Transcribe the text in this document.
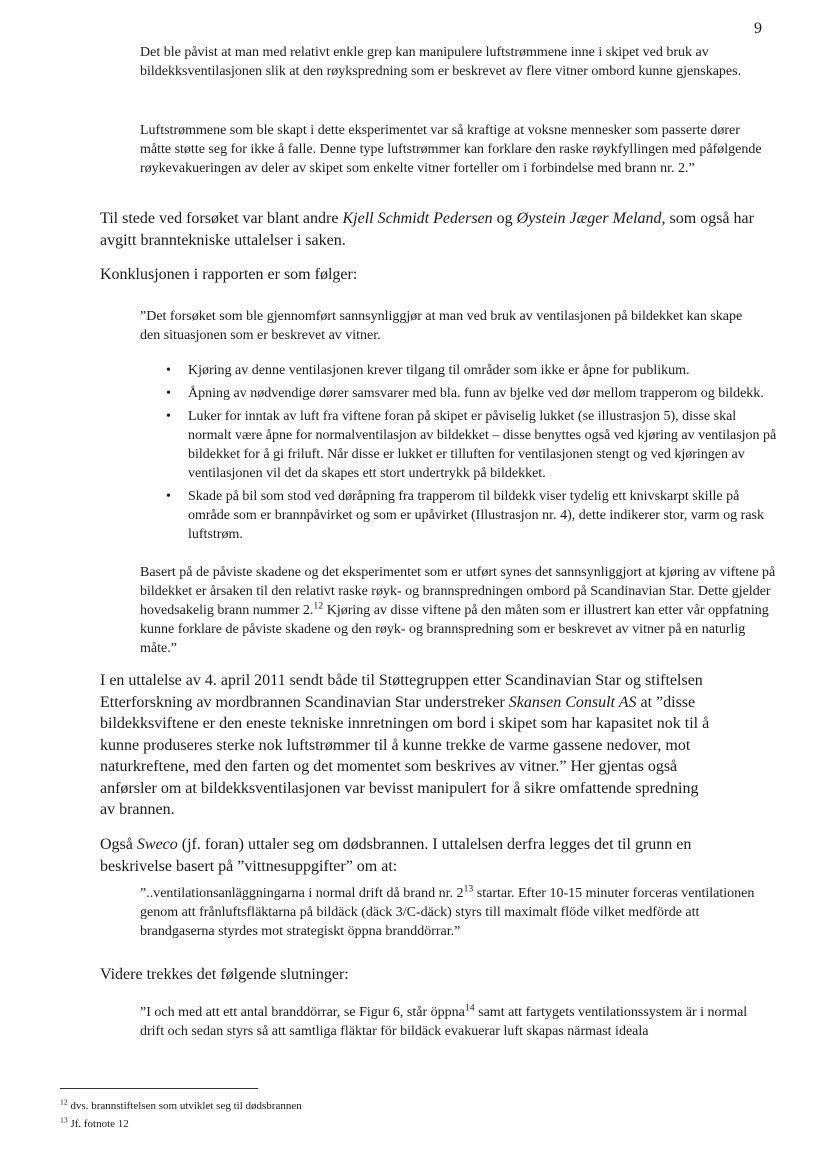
9

Det ble påvist at man med relativt enkle grep kan manipulere luftstrømmene inne i skipet ved bruk av bildekksventilasjonen slik at den røykspredning som er beskrevet av flere vitner ombord kunne gjenskapes.

Luftstrømmene som ble skapt i dette eksperimentet var så kraftige at voksne mennesker som passerte dører måtte støtte seg for ikke å falle. Denne type luftstrømmer kan forklare den raske røykfyllingen med påfølgende røykevakueringen av deler av skipet som enkelte vitner forteller om i forbindelse med brann nr. 2.”

Til stede ved forsøket var blant andre Kjell Schmidt Pedersen og Øystein Jæger Meland, som også har avgitt branntekniske uttalelser i saken.

Konklusjonen i rapporten er som følger:

”Det forsøket som ble gjennomført sannsynliggjør at man ved bruk av ventilasjonen på bildekket kan skape den situasjonen som er beskrevet av vitner.

• Kjøring av denne ventilasjonen krever tilgang til områder som ikke er åpne for publikum.
• Åpning av nødvendige dører samsvarer med bla. funn av bjelke ved dør mellom trapperom og bildekk.
• Luker for inntak av luft fra viftene foran på skipet er påviselig lukket (se illustrasjon 5), disse skal normalt være åpne for normalventilasjon av bildekket – disse benyttes også ved kjøring av ventilasjon på bildekket for å gi friluft. Når disse er lukket er tilluften for ventilasjonen stengt og ved kjøringen av ventilasjonen vil det da skapes ett stort undertrykk på bildekket.
• Skade på bil som stod ved døråpning fra trapperom til bildekk viser tydelig ett knivskarpt skille på område som er brannpåvirket og som er upåvirket (Illustrasjon nr. 4), dette indikerer stor, varm og rask luftstrøm.

Basert på de påviste skadene og det eksperimentet som er utført synes det sannsynliggjort at kjøring av viftene på bildekket er årsaken til den relativt raske røyk- og brannspredningen ombord på Scandinavian Star. Dette gjelder hovedsakelig brann nummer 2.12 Kjøring av disse viftene på den måten som er illustrert kan etter vår oppfatning kunne forklare de påviste skadene og den røyk- og brannspredning som er beskrevet av vitner på en naturlig måte.”

I en uttalelse av 4. april 2011 sendt både til Støttegruppen etter Scandinavian Star og stiftelsen Etterforskning av mordbrannen Scandinavian Star understreker Skansen Consult AS at ”disse bildekksviftene er den eneste tekniske innretningen om bord i skipet som har kapasitet nok til å kunne produseres sterke nok luftstrømmer til å kunne trekke de varme gassene nedover, mot naturkreftene, med den farten og det momentet som beskrives av vitner.” Her gjentas også anførsler om at bildekksventilasjonen var bevisst manipulert for å sikre omfattende spredning av brannen.

Også Sweco (jf. foran) uttaler seg om dødsbrannen. I uttalelsen derfra legges det til grunn en beskrivelse basert på ”vittnesuppgifter” om at:

”..ventilationsanläggningarna i normal drift då brand nr. $2^{13}$ startar. Efter 10-15 minuter forceras ventilationen genom att frånluftsfläktarna på bildäck (däck 3/C-däck) styrs till maximalt flöde vilket medförde att brandgaserna styrdes mot strategiskt öppna branddörrar.”

Videre trekkes det følgende slutninger:

”I och med att ett antal branddörrar, se Figur 6, står öppna$^{14}$ samt att fartygets ventilationssystem är i normal drift och sedan styrs så att samtliga fläktar för bildäck evakuerar luft skapas närmast ideala

$^{12}$ dvs. brannstiftelsen som utviklet seg til dødsbrannen
$^{13}$ Jf. fotnote 12
